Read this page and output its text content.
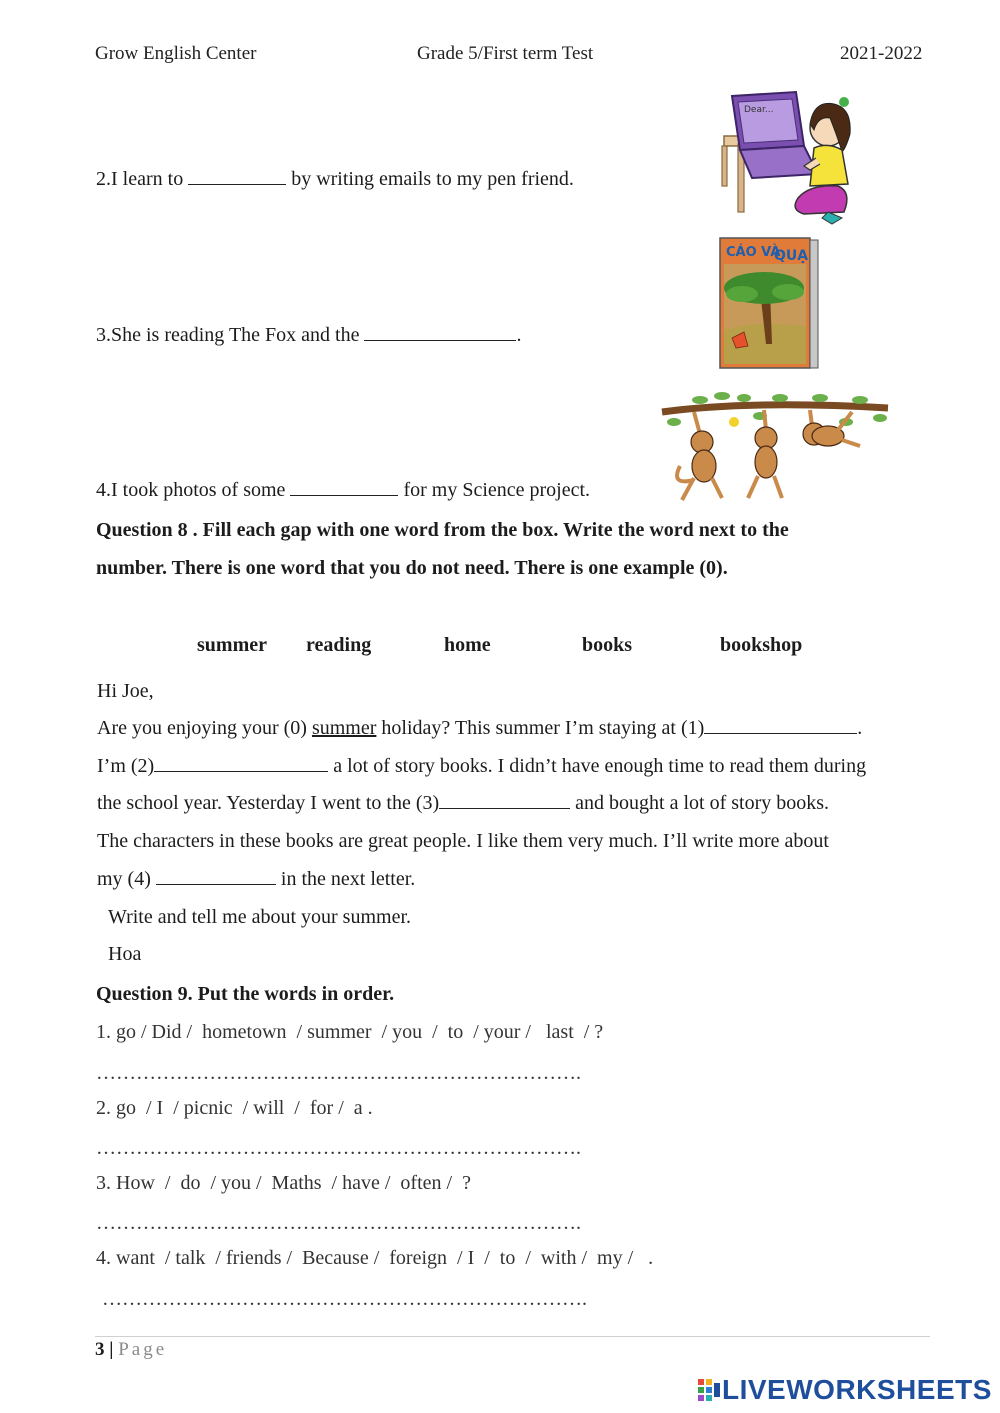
Grow English Center	Grade 5/First term Test	2021-2022
2.I learn to	by writing emails to my pen friend.
3.She is reading The Fox and the	.
4.I took photos of some	for my Science project.
Dear...
CÁO VÀ
QUẠ
Question 8 . Fill each gap with one word from the box. Write the word next to the
number. There is one word that you do not need. There is one example (0).
summer reading	home	books	bookshop
Hi Joe,
Are you enjoying your (0) summer holiday? This summer I’m staying at (1)	.
I’m (2)	a lot of story books. I didn’t have enough time to read them during
the school year. Yesterday I went to the (3)	and bought a lot of story books.
The characters in these books are great people. I like them very much. I’ll write more about
my (4)	in the next letter.
Write and tell me about your summer.
Hoa
Question 9. Put the words in order.
1. go / Did /  hometown  / summer  / you  /  to  / your /   last  / ?
……………………………………………………………….
2. go  / I  / picnic  / will  /  for /  a .
……………………………………………………………….
3. How  /  do  / you /  Maths  / have /  often /  ?
……………………………………………………………….
4. want  / talk  / friends /  Because /  foreign  / I  /  to  /  with /  my /   .
……………………………………………………………….
3 | Page
LIVEWORKSHEETS
